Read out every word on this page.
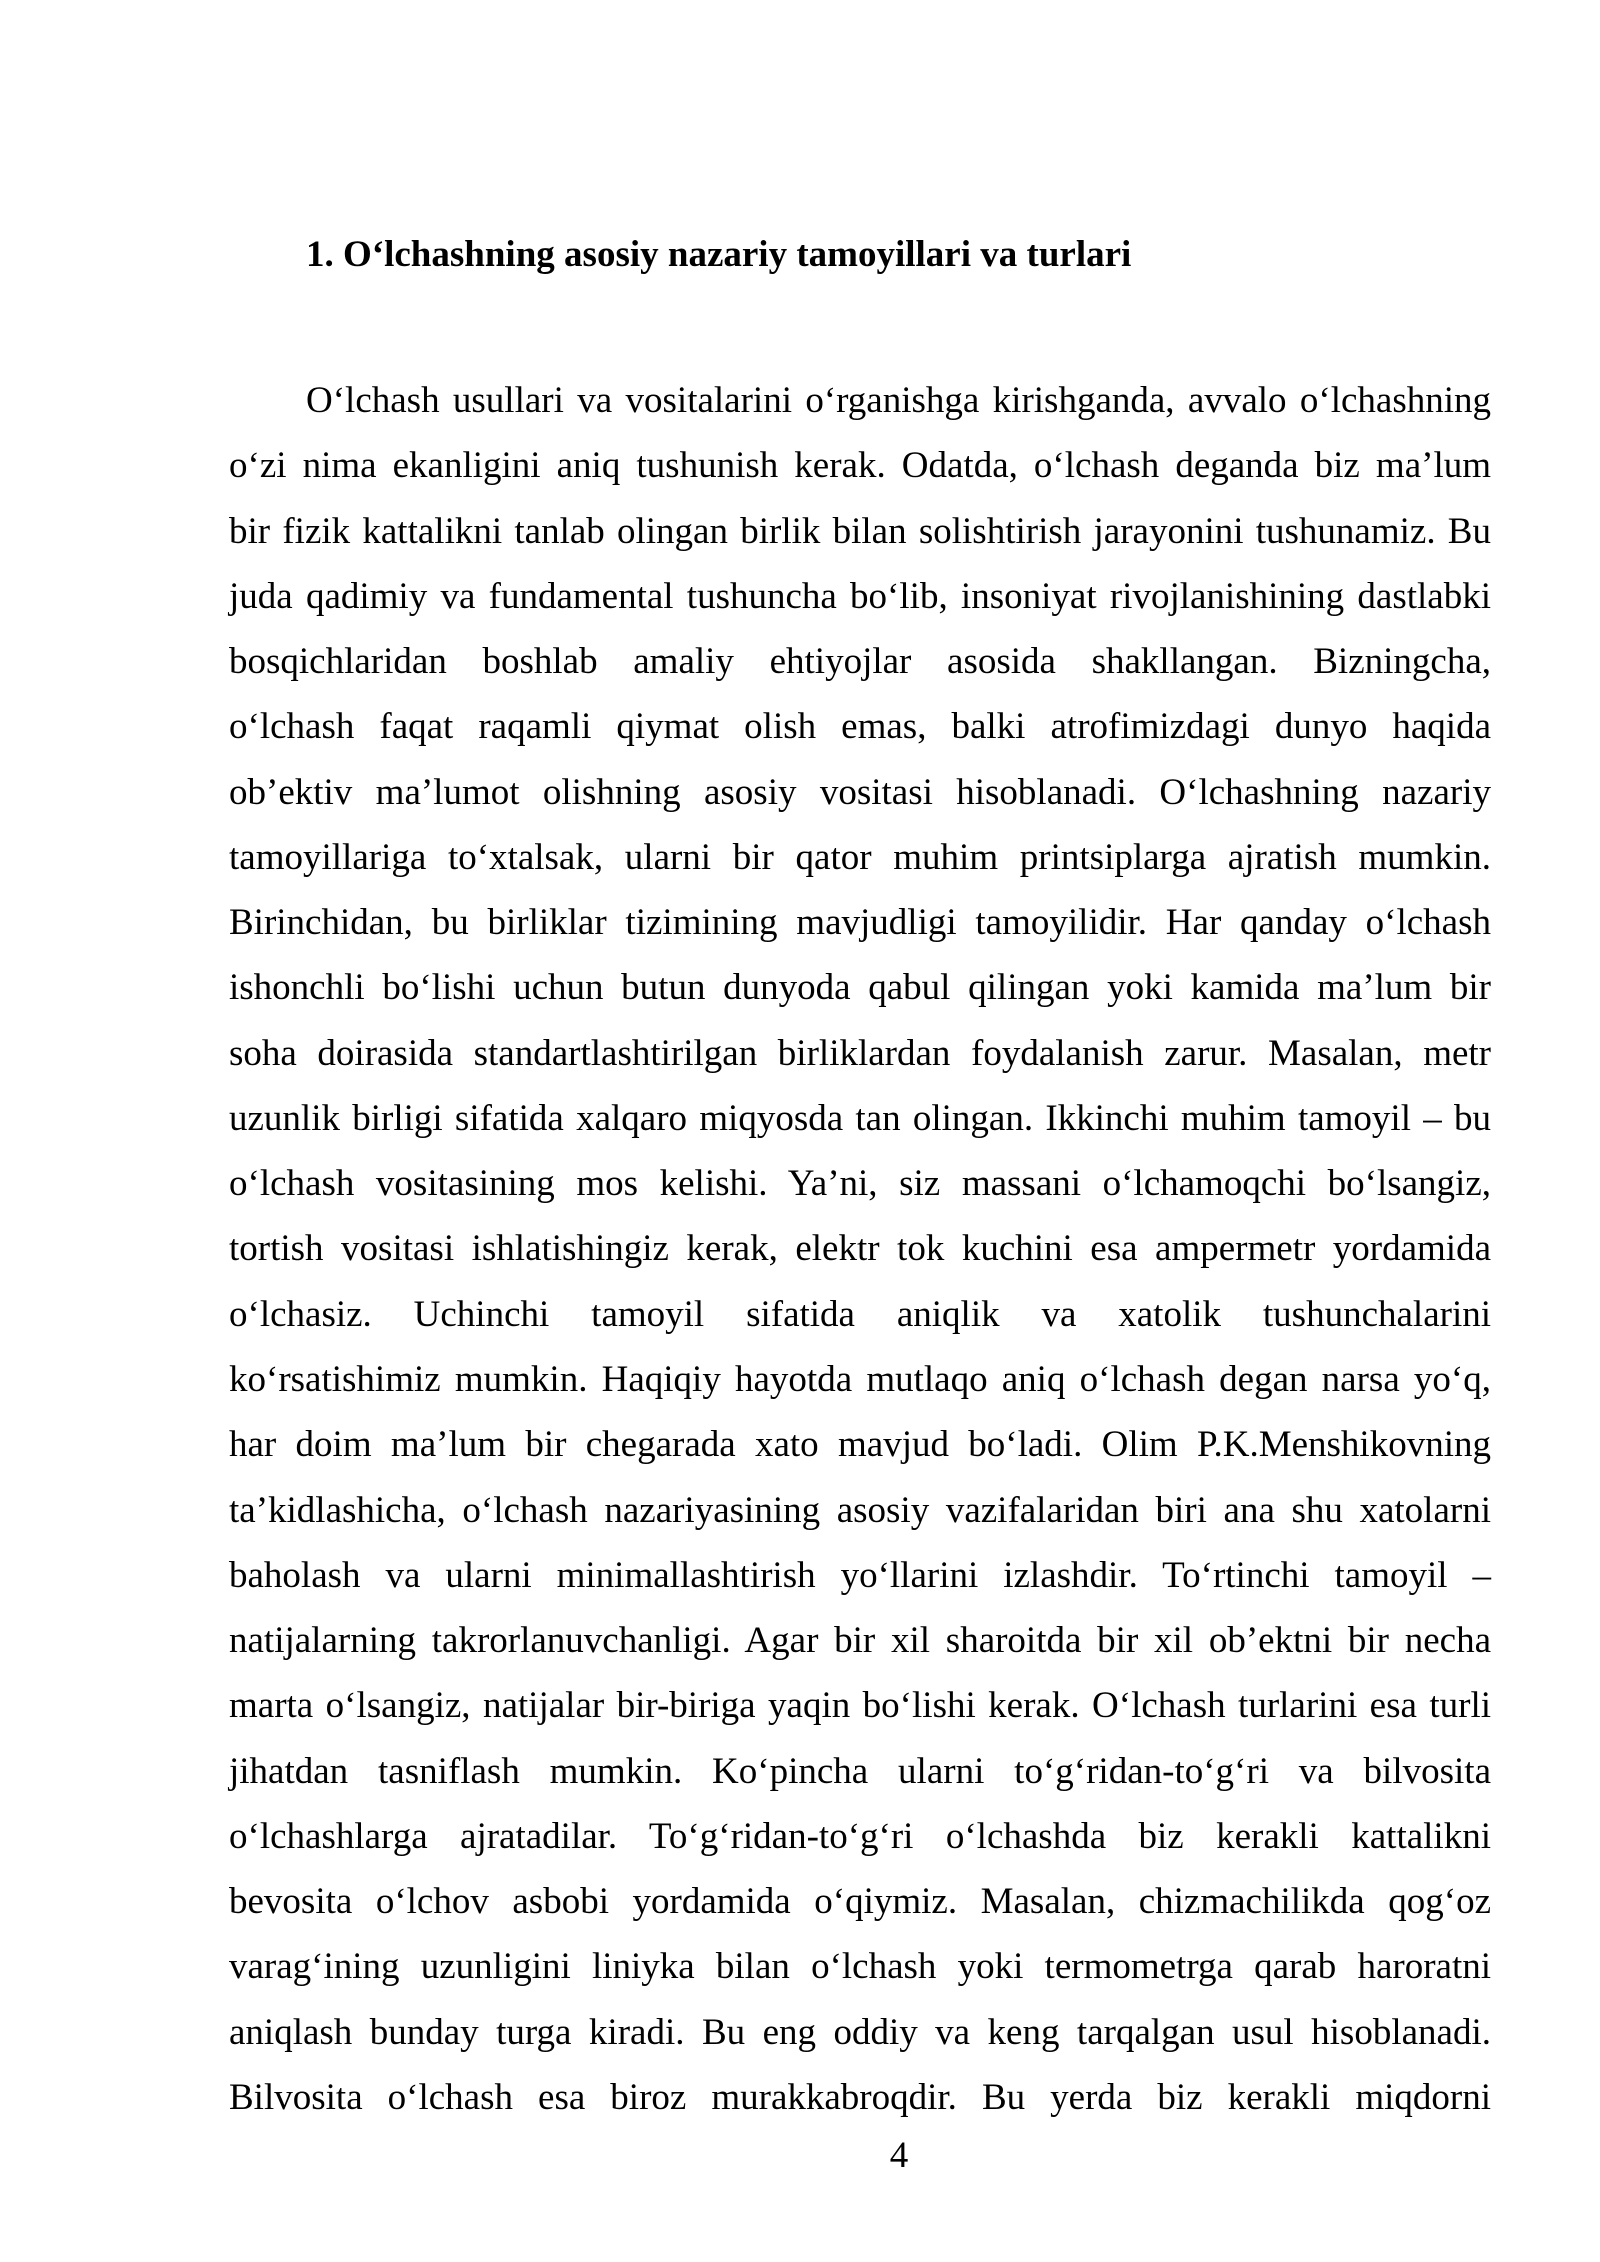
1. O‘lchashning asosiy nazariy tamoyillari va turlari
O‘lchash usullari va vositalarini o‘rganishga kirishganda, avvalo o‘lchashning
o‘zi nima ekanligini aniq tushunish kerak. Odatda, o‘lchash deganda biz ma’lum
bir fizik kattalikni tanlab olingan birlik bilan solishtirish jarayonini tushunamiz. Bu
juda qadimiy va fundamental tushuncha bo‘lib, insoniyat rivojlanishining dastlabki
bosqichlaridan boshlab amaliy ehtiyojlar asosida shakllangan. Bizningcha,
o‘lchash faqat raqamli qiymat olish emas, balki atrofimizdagi dunyo haqida
ob’ektiv ma’lumot olishning asosiy vositasi hisoblanadi. O‘lchashning nazariy
tamoyillariga to‘xtalsak, ularni bir qator muhim printsiplarga ajratish mumkin.
Birinchidan, bu birliklar tizimining mavjudligi tamoyilidir. Har qanday o‘lchash
ishonchli bo‘lishi uchun butun dunyoda qabul qilingan yoki kamida ma’lum bir
soha doirasida standartlashtirilgan birliklardan foydalanish zarur. Masalan, metr
uzunlik birligi sifatida xalqaro miqyosda tan olingan. Ikkinchi muhim tamoyil – bu
o‘lchash vositasining mos kelishi. Ya’ni, siz massani o‘lchamoqchi bo‘lsangiz,
tortish vositasi ishlatishingiz kerak, elektr tok kuchini esa ampermetr yordamida
o‘lchasiz. Uchinchi tamoyil sifatida aniqlik va xatolik tushunchalarini
ko‘rsatishimiz mumkin. Haqiqiy hayotda mutlaqo aniq o‘lchash degan narsa yo‘q,
har doim ma’lum bir chegarada xato mavjud bo‘ladi. Olim P.K.Menshikovning
ta’kidlashicha, o‘lchash nazariyasining asosiy vazifalaridan biri ana shu xatolarni
baholash va ularni minimallashtirish yo‘llarini izlashdir. To‘rtinchi tamoyil –
natijalarning takrorlanuvchanligi. Agar bir xil sharoitda bir xil ob’ektni bir necha
marta o‘lsangiz, natijalar bir-biriga yaqin bo‘lishi kerak. O‘lchash turlarini esa turli
jihatdan tasniflash mumkin. Ko‘pincha ularni to‘g‘ridan-to‘g‘ri va bilvosita
o‘lchashlarga ajratadilar. To‘g‘ridan-to‘g‘ri o‘lchashda biz kerakli kattalikni
bevosita o‘lchov asbobi yordamida o‘qiymiz. Masalan, chizmachilikda qog‘oz
varag‘ining uzunligini liniyka bilan o‘lchash yoki termometrga qarab haroratni
aniqlash bunday turga kiradi. Bu eng oddiy va keng tarqalgan usul hisoblanadi.
Bilvosita o‘lchash esa biroz murakkabroqdir. Bu yerda biz kerakli miqdorni
4
